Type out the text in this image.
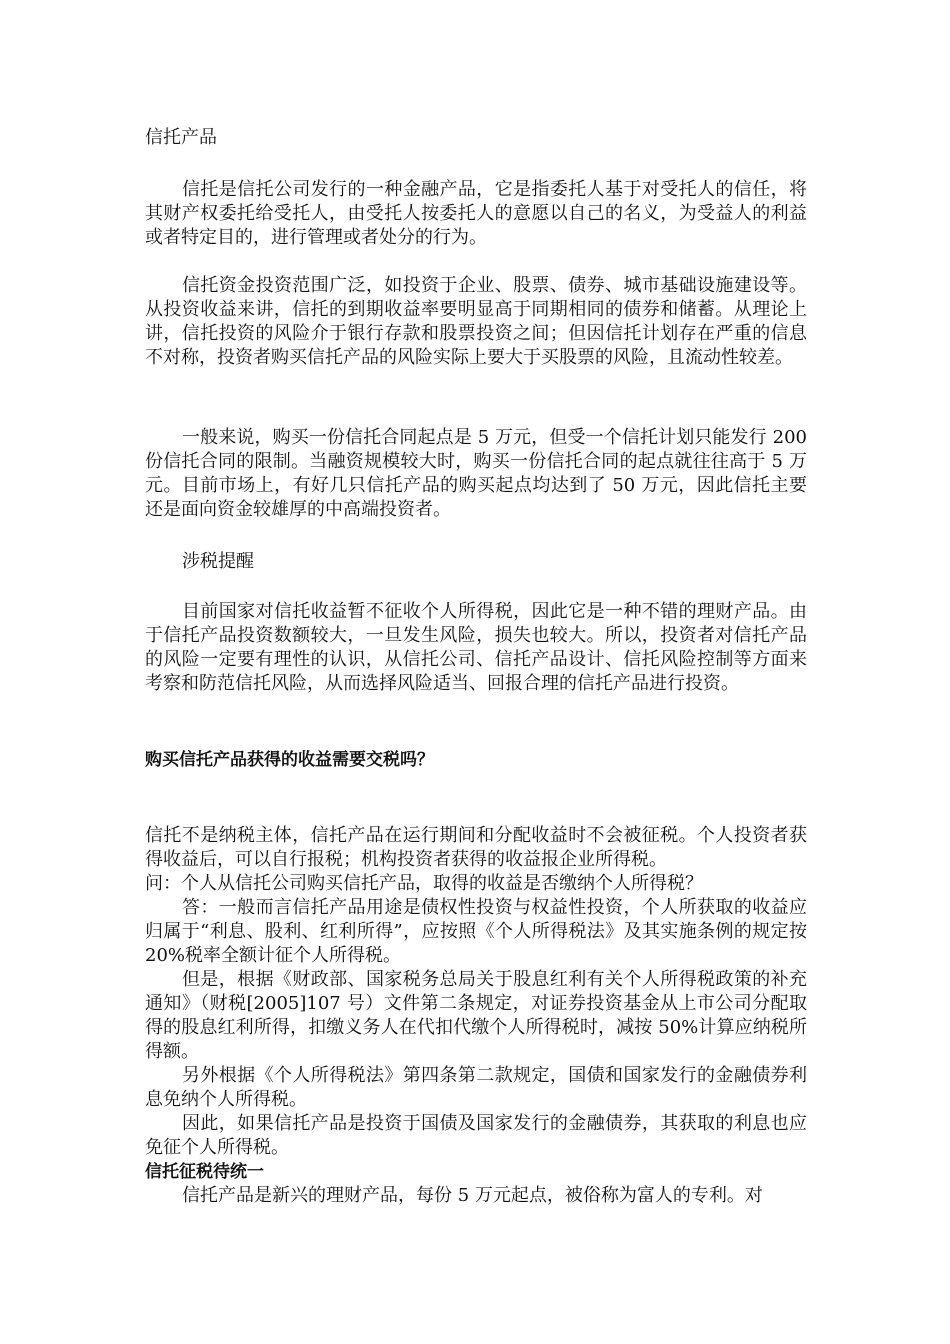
信托产品

信托是信托公司发行的一种金融产品，它是指委托人基于对受托人的信任，将其财产权委托给受托人，由受托人按委托人的意愿以自己的名义，为受益人的利益或者特定目的，进行管理或者处分的行为。

信托资金投资范围广泛，如投资于企业、股票、债券、城市基础设施建设等。从投资收益来讲，信托的到期收益率要明显高于同期相同的债券和储蓄。从理论上讲，信托投资的风险介于银行存款和股票投资之间；但因信托计划存在严重的信息不对称，投资者购买信托产品的风险实际上要大于买股票的风险，且流动性较差。

一般来说，购买一份信托合同起点是 5 万元，但受一个信托计划只能发行 200 份信托合同的限制。当融资规模较大时，购买一份信托合同的起点就往往高于 5 万元。目前市场上，有好几只信托产品的购买起点均达到了 50 万元，因此信托主要还是面向资金较雄厚的中高端投资者。

涉税提醒

目前国家对信托收益暂不征收个人所得税，因此它是一种不错的理财产品。由于信托产品投资数额较大，一旦发生风险，损失也较大。所以，投资者对信托产品的风险一定要有理性的认识，从信托公司、信托产品设计、信托风险控制等方面来考察和防范信托风险，从而选择风险适当、回报合理的信托产品进行投资。

购买信托产品获得的收益需要交税吗？

信托不是纳税主体，信托产品在运行期间和分配收益时不会被征税。个人投资者获得收益后，可以自行报税；机构投资者获得的收益报企业所得税。

问：个人从信托公司购买信托产品，取得的收益是否缴纳个人所得税？

答：一般而言信托产品用途是债权性投资与权益性投资，个人所获取的收益应归属于“利息、股利、红利所得”，应按照《个人所得税法》及其实施条例的规定按 20%税率全额计征个人所得税。

但是，根据《财政部、国家税务总局关于股息红利有关个人所得税政策的补充通知》（财税[2005]107 号）文件第二条规定，对证券投资基金从上市公司分配取得的股息红利所得，扣缴义务人在代扣代缴个人所得税时，减按 50%计算应纳税所得额。

另外根据《个人所得税法》第四条第二款规定，国债和国家发行的金融债券利息免纳个人所得税。

因此，如果信托产品是投资于国债及国家发行的金融债券，其获取的利息也应免征个人所得税。

信托征税待统一

信托产品是新兴的理财产品，每份 5 万元起点，被俗称为富人的专利。对
